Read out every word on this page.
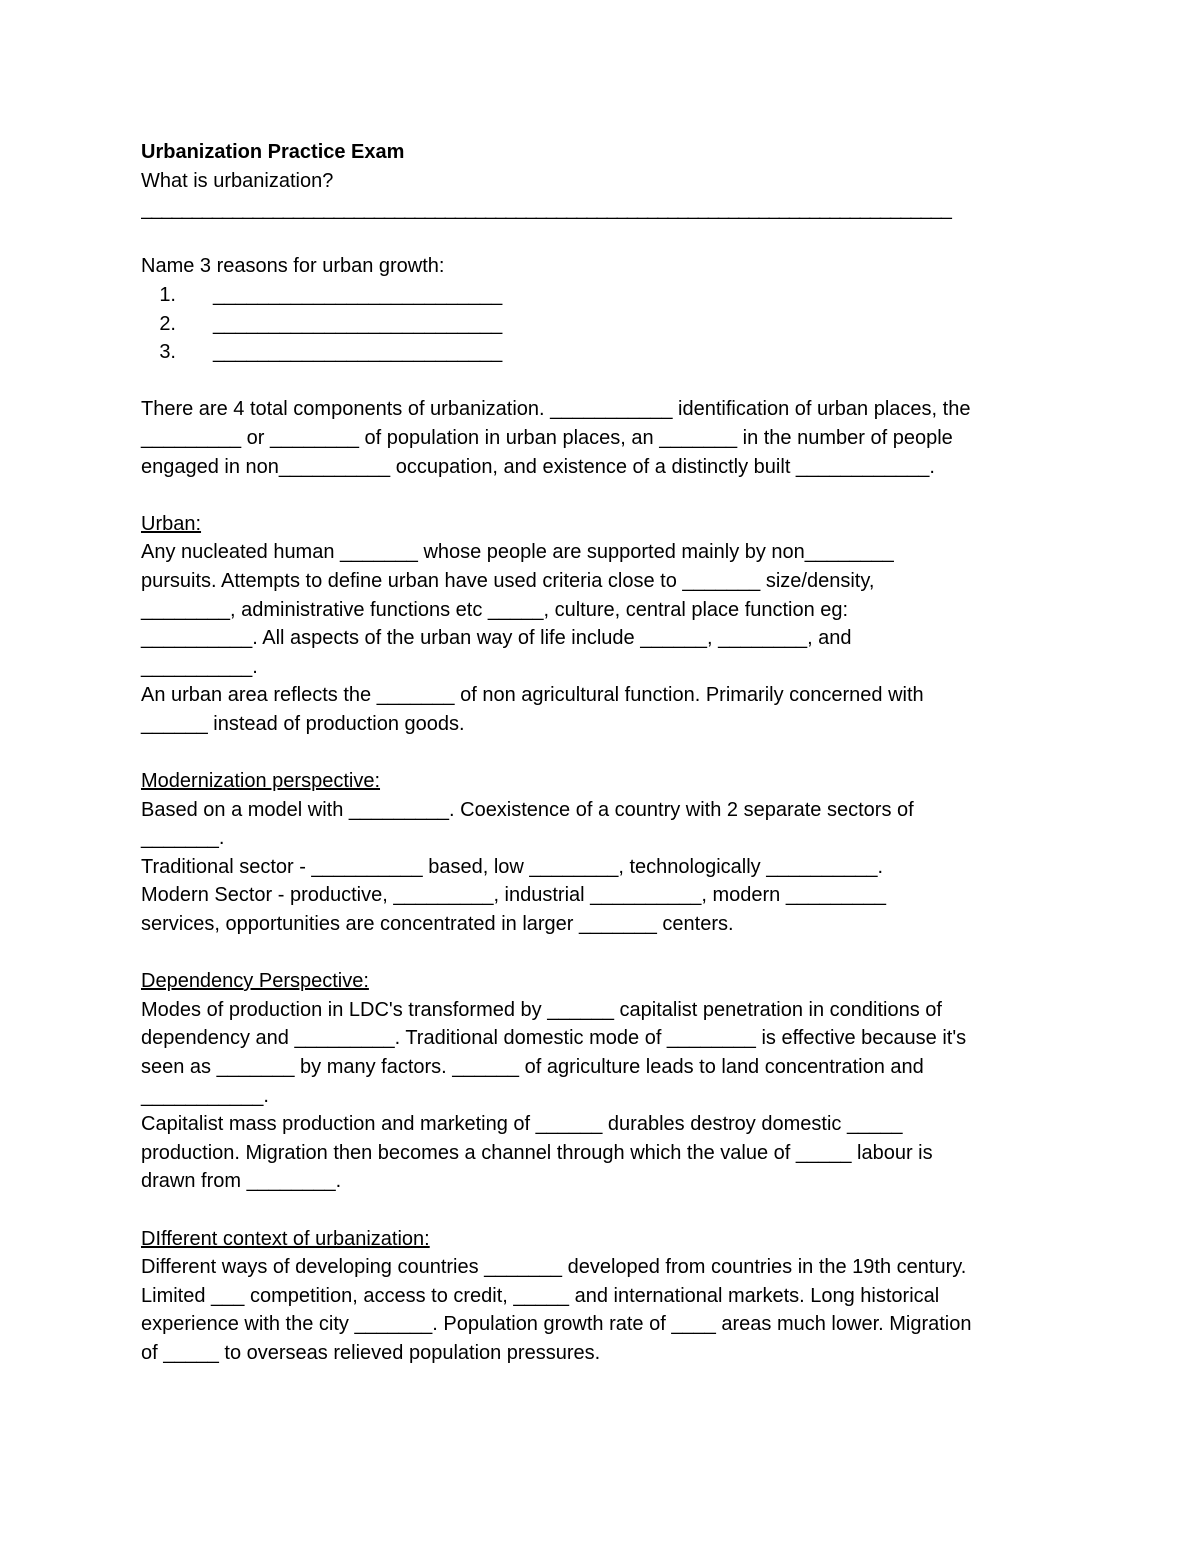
Urbanization Practice Exam

What is urbanization?

________________________________________________________________________________

Name 3 reasons for urban growth:

1. __________________________
2. __________________________
3. __________________________

There are 4 total components of urbanization. ___________ identification of urban places, the

_________ or ________ of population in urban places, an _______ in the number of people

engaged in non__________ occupation, and existence of a distinctly built ____________.

Urban:

Any nucleated human _______ whose people are supported mainly by non________

pursuits. Attempts to define urban have used criteria close to _______ size/density,

________, administrative functions etc _____, culture, central place function eg:

__________. All aspects of the urban way of life include ______, ________, and

__________.

An urban area reflects the _______ of non agricultural function. Primarily concerned with

______ instead of production goods.

Modernization perspective:

Based on a model with _________. Coexistence of a country with 2 separate sectors of

_______.

Traditional sector - __________ based, low ________, technologically __________.

Modern Sector - productive, _________, industrial __________, modern _________

services, opportunities are concentrated in larger _______ centers.

Dependency Perspective:

Modes of production in LDC's transformed by ______ capitalist penetration in conditions of

dependency and _________. Traditional domestic mode of ________ is effective because it's

seen as _______ by many factors. ______ of agriculture leads to land concentration and

___________.

Capitalist mass production and marketing of ______ durables destroy domestic _____

production. Migration then becomes a channel through which the value of _____ labour is

drawn from ________.

DIfferent context of urbanization:

Different ways of developing countries _______ developed from countries in the 19th century.

Limited ___ competition, access to credit, _____ and international markets. Long historical

experience with the city _______. Population growth rate of ____ areas much lower. Migration

of _____ to overseas relieved population pressures.
